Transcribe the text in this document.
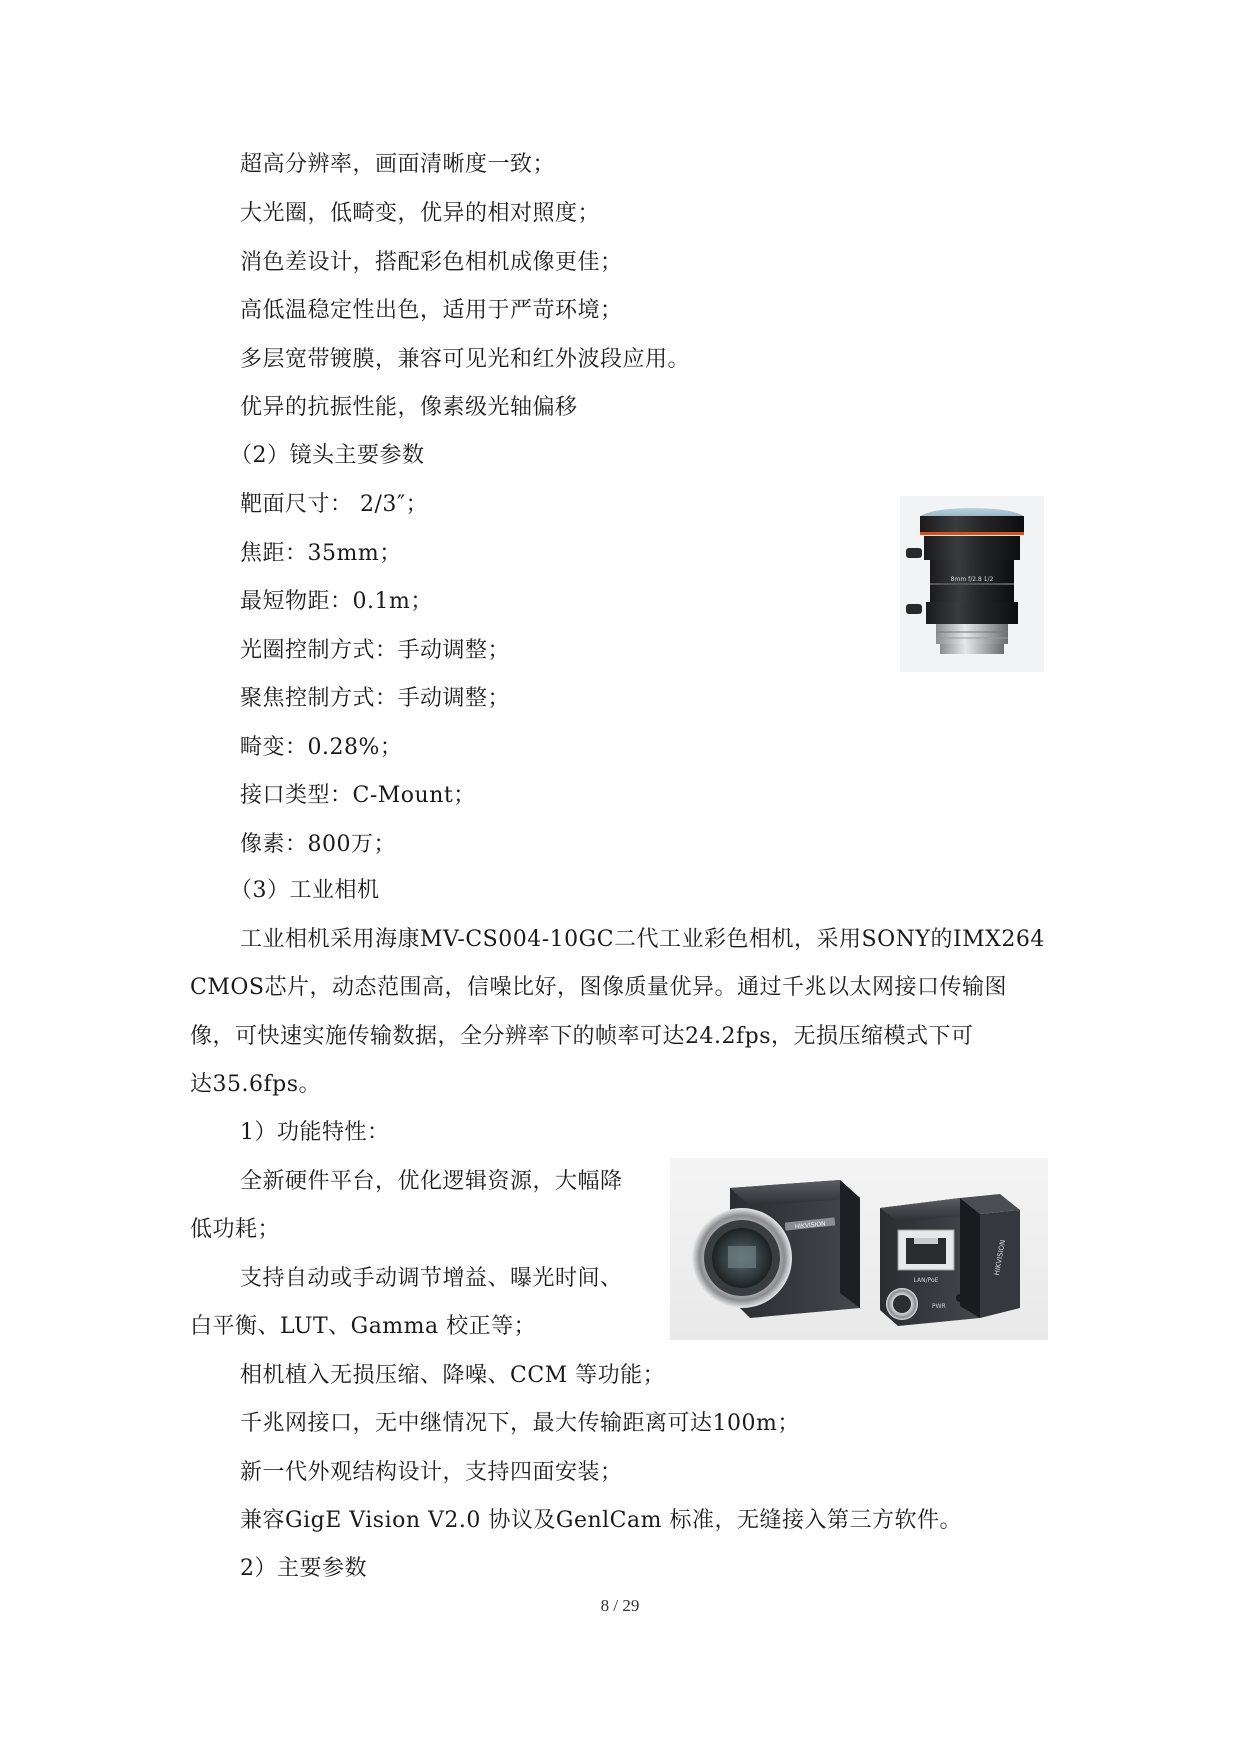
超高分辨率，画面清晰度一致；
大光圈，低畸变，优异的相对照度；
消色差设计，搭配彩色相机成像更佳；
高低温稳定性出色，适用于严苛环境；
多层宽带镀膜，兼容可见光和红外波段应用。
优异的抗振性能，像素级光轴偏移
（2）镜头主要参数
靶面尺寸： 2/3″；
焦距：35mm；
最短物距：0.1m；
光圈控制方式：手动调整；
聚焦控制方式：手动调整；
畸变：0.28%；
接口类型：C-Mount；
像素：800万；
8mm f/2.8 1/2
（3）工业相机
工业相机采用海康MV-CS004-10GC二代工业彩色相机，采用SONY的IMX264
CMOS芯片，动态范围高，信噪比好，图像质量优异。通过千兆以太网接口传输图
像，可快速实施传输数据，全分辨率下的帧率可达24.2fps，无损压缩模式下可
达35.6fps。
1）功能特性：
全新硬件平台，优化逻辑资源，大幅降
低功耗；
支持自动或手动调节增益、曝光时间、
白平衡、LUT、Gamma 校正等；
相机植入无损压缩、降噪、CCM 等功能；
千兆网接口，无中继情况下，最大传输距离可达100m；
新一代外观结构设计，支持四面安装；
兼容GigE Vision V2.0 协议及GenlCam 标准，无缝接入第三方软件。
2）主要参数
HIKVISION
HIKVISION
LAN/PoE
PWR
8 / 29
